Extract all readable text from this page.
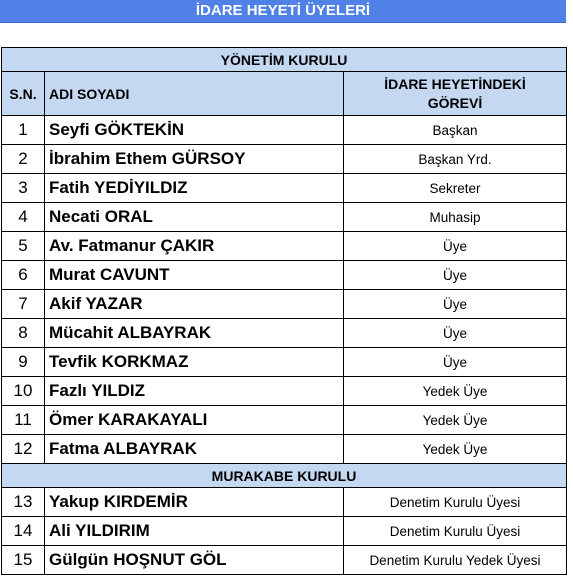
İDARE HEYETİ ÜYELERİ
YÖNETİM KURULU		
S.N.	ADI SOYADI	İDARE HEYETİNDEKİ
GÖREVİ
1	Seyfi GÖKTEKİN	Başkan
2	İbrahim Ethem GÜRSOY	Başkan Yrd.
3	Fatih YEDİYILDIZ	Sekreter
4	Necati ORAL	Muhasip
5	Av. Fatmanur ÇAKIR	Üye
6	Murat CAVUNT	Üye
7	Akif YAZAR	Üye
8	Mücahit ALBAYRAK	Üye
9	Tevfik KORKMAZ	Üye
10	Fazlı YILDIZ	Yedek Üye
11	Ömer KARAKAYALI	Yedek Üye
12	Fatma ALBAYRAK	Yedek Üye
MURAKABE KURULU		
13	Yakup KIRDEMİR	Denetim Kurulu Üyesi
14	Ali YILDIRIM	Denetim Kurulu Üyesi
15	Gülgün HOŞNUT GÖL	Denetim Kurulu Yedek Üyesi
